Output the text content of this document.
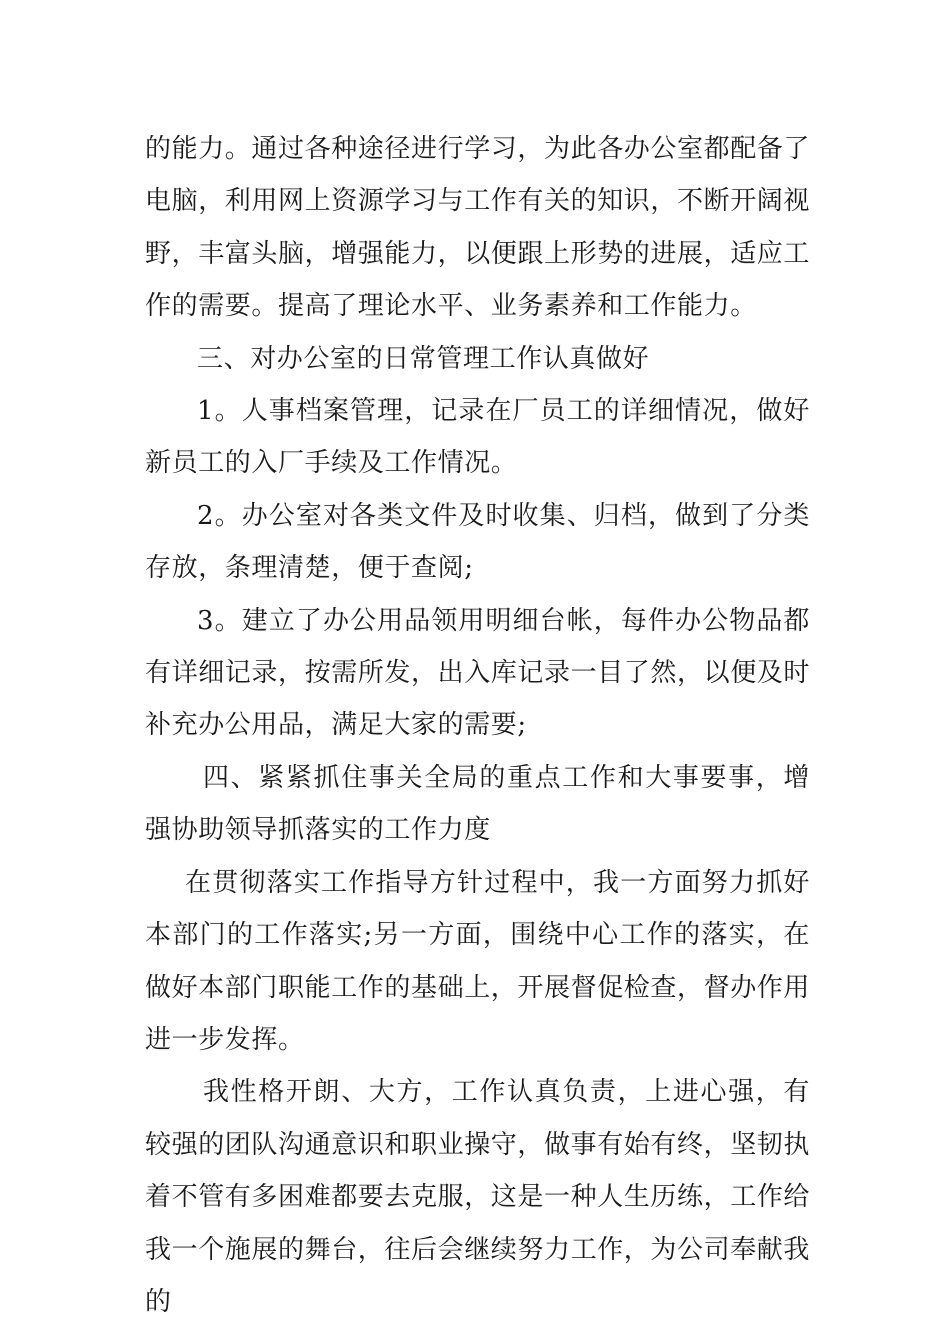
的能力。通过各种途径进行学习，为此各办公室都配备了电脑，利用网上资源学习与工作有关的知识，不断开阔视野，丰富头脑，增强能力，以便跟上形势的进展，适应工作的需要。提高了理论水平、业务素养和工作能力。

三、对办公室的日常管理工作认真做好

1。人事档案管理，记录在厂员工的详细情况，做好新员工的入厂手续及工作情况。

2。办公室对各类文件及时收集、归档，做到了分类存放，条理清楚，便于查阅;

3。建立了办公用品领用明细台帐，每件办公物品都有详细记录，按需所发，出入库记录一目了然，以便及时补充办公用品，满足大家的需要;

四、紧紧抓住事关全局的重点工作和大事要事，增强协助领导抓落实的工作力度

在贯彻落实工作指导方针过程中，我一方面努力抓好本部门的工作落实;另一方面，围绕中心工作的落实，在做好本部门职能工作的基础上，开展督促检查，督办作用进一步发挥。

我性格开朗、大方，工作认真负责，上进心强，有较强的团队沟通意识和职业操守，做事有始有终，坚韧执着不管有多困难都要去克服，这是一种人生历练，工作给我一个施展的舞台，往后会继续努力工作，为公司奉献我的
